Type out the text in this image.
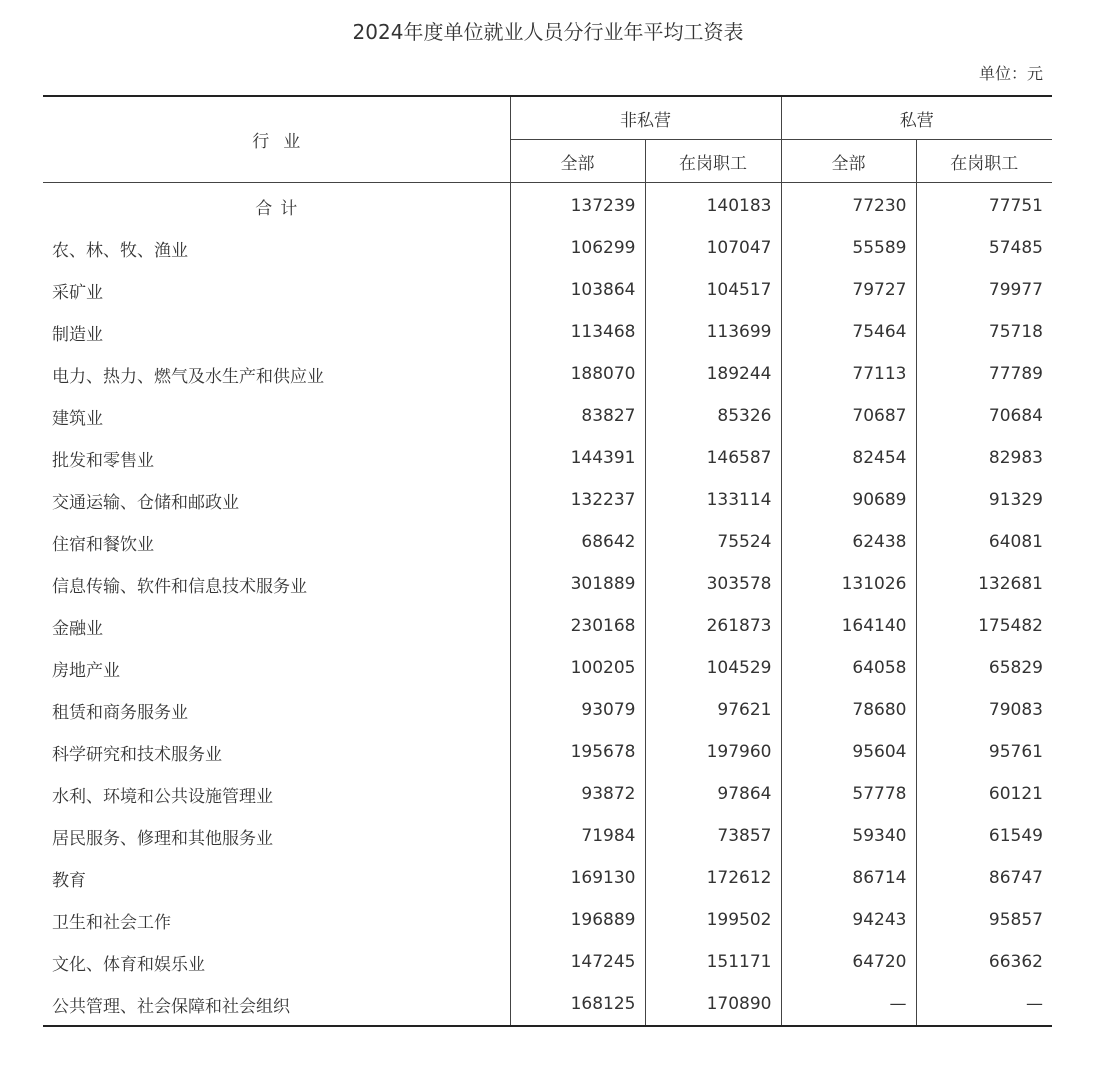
2024年度单位就业人员分行业年平均工资表
单位：元
行业	非私营		私营	
	全部	在岗职工	全部	在岗职工
合计	137239	140183	77230	77751
农、林、牧、渔业	106299	107047	55589	57485
采矿业	103864	104517	79727	79977
制造业	113468	113699	75464	75718
电力、热力、燃气及水生产和供应业	188070	189244	77113	77789
建筑业	83827	85326	70687	70684
批发和零售业	144391	146587	82454	82983
交通运输、仓储和邮政业	132237	133114	90689	91329
住宿和餐饮业	68642	75524	62438	64081
信息传输、软件和信息技术服务业	301889	303578	131026	132681
金融业	230168	261873	164140	175482
房地产业	100205	104529	64058	65829
租赁和商务服务业	93079	97621	78680	79083
科学研究和技术服务业	195678	197960	95604	95761
水利、环境和公共设施管理业	93872	97864	57778	60121
居民服务、修理和其他服务业	71984	73857	59340	61549
教育	169130	172612	86714	86747
卫生和社会工作	196889	199502	94243	95857
文化、体育和娱乐业	147245	151171	64720	66362
公共管理、社会保障和社会组织	168125	170890	—	—
